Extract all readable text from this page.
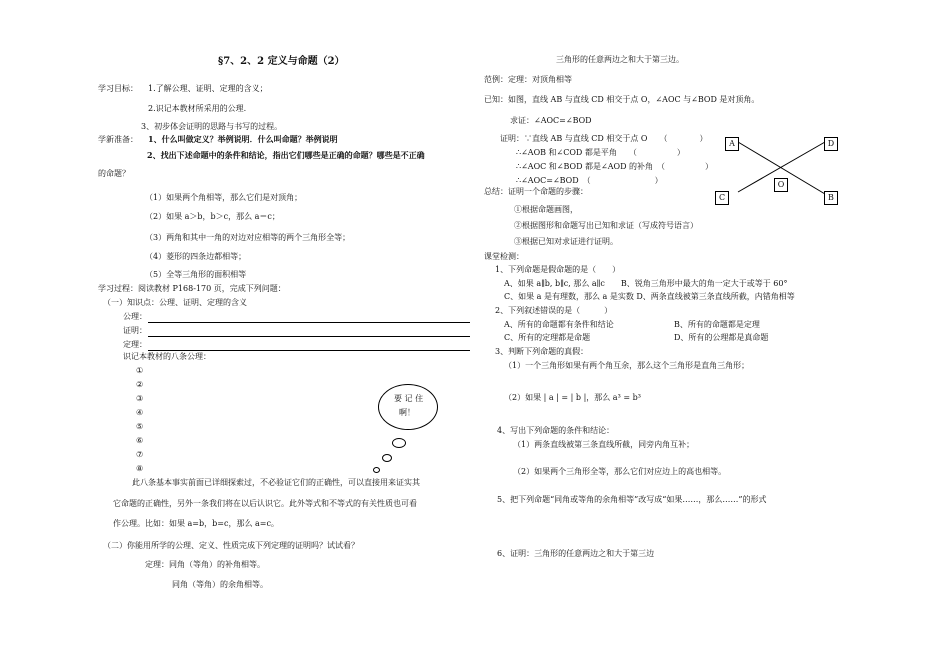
§7、2、2 定义与命题（2）
学习目标： 1.了解公理、证明、定理的含义；
2.识记本教材所采用的公理.
3、初步体会证明的思路与书写的过程。
学新准备： 1、什么叫做定义？举例说明．什么叫命题？举例说明
2、找出下述命题中的条件和结论，指出它们哪些是正确的命题？哪些是不正确
的命题？
（1）如果两个角相等，那么它们是对顶角；
（2）如果 a＞b，b＞c，那么 a＝c；
（3）两角和其中一角的对边对应相等的两个三角形全等；
（4）菱形的四条边都相等；
（5）全等三角形的面积相等
学习过程：阅读教材 P168-170 页，完成下列问题：
（一）知识点：公理、证明、定理的含义
公理：
证明：
定理：
识记本教材的八条公理：
①
②
③
④
⑤
⑥
⑦
⑧
要 记 住
啊！
此八条基本事实前面已详细探索过，不必验证它们的正确性，可以直接用来证实其
它命题的正确性，另外一条我们将在以后认识它。此外等式和不等式的有关性质也可看
作公理。比如：如果 a=b，b=c，那么 a=c。
（二）你能用所学的公理、定义、性质完成下列定理的证明吗？试试看？
定理：同角（等角）的补角相等。
同角（等角）的余角相等。
三角形的任意两边之和大于第三边。
范例：定理：对顶角相等
已知：如图，直线 AB 与直线 CD 相交于点 O，∠AOC 与∠BOD 是对顶角。
求证：∠AOC=∠BOD
证明：∵直线 AB 与直线 CD 相交于点 O　　（　　　　）
∴∠AOB 和∠COD 都是平角　　（　　　　　）
∴∠AOC 和∠BOD 都是∠AOD 的补角　（　　　　　）
∴∠AOC=∠BOD　（　　　　　　　　）
A	D
O
C	B
总结：证明一个命题的步骤：
①根据命题画图，
②根据图形和命题写出已知和求证（写成符号语言）
③根据已知对求证进行证明。
课堂检测：
1、下列命题是假命题的是（　　）
A、如果 a∥b, b∥c, 那么 a∥c　　B、锐角三角形中最大的角一定大于或等于 60°
C、如果 a 是有理数，那么 a 是实数 D、两条直线被第三条直线所截，内错角相等
2、下列叙述错误的是（　　　）
A、所有的命题都有条件和结论	B、所有的命题都是定理
C、所有的定理都是命题	D、所有的公理都是真命题
3、判断下列命题的真假：
（1）一个三角形如果有两个角互余，那么这个三角形是直角三角形；
（2）如果 | a | = | b |，那么 a³ = b³
4、写出下列命题的条件和结论：
（1）两条直线被第三条直线所截，同旁内角互补；
（2）如果两个三角形全等，那么它们对应边上的高也相等。
5、把下列命题“同角或等角的余角相等”改写成“如果……，那么……”的形式
6、证明：三角形的任意两边之和大于第三边
